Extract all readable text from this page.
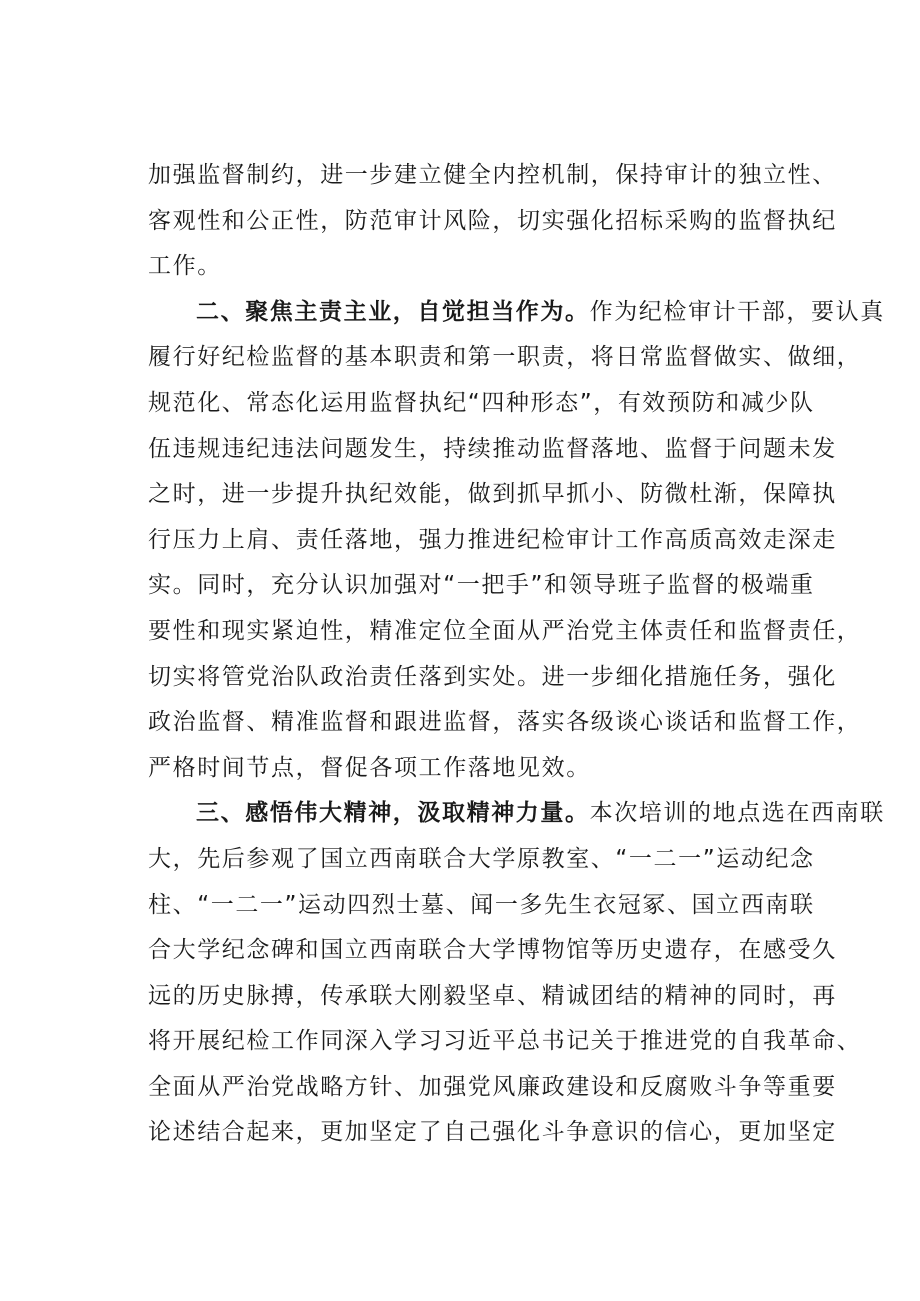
加强监督制约，进一步建立健全内控机制，保持审计的独立性、
客观性和公正性，防范审计风险，切实强化招标采购的监督执纪
工作。
二、聚焦主责主业，自觉担当作为。作为纪检审计干部，要认真
履行好纪检监督的基本职责和第一职责，将日常监督做实、做细，
规范化、常态化运用监督执纪“四种形态”，有效预防和减少队
伍违规违纪违法问题发生，持续推动监督落地、监督于问题未发
之时，进一步提升执纪效能，做到抓早抓小、防微杜渐，保障执
行压力上肩、责任落地，强力推进纪检审计工作高质高效走深走
实。同时，充分认识加强对“一把手”和领导班子监督的极端重
要性和现实紧迫性，精准定位全面从严治党主体责任和监督责任，
切实将管党治队政治责任落到实处。进一步细化措施任务，强化
政治监督、精准监督和跟进监督，落实各级谈心谈话和监督工作，
严格时间节点，督促各项工作落地见效。
三、感悟伟大精神，汲取精神力量。本次培训的地点选在西南联
大，先后参观了国立西南联合大学原教室、“一二一”运动纪念
柱、“一二一”运动四烈士墓、闻一多先生衣冠冢、国立西南联
合大学纪念碑和国立西南联合大学博物馆等历史遗存，在感受久
远的历史脉搏，传承联大刚毅坚卓、精诚团结的精神的同时，再
将开展纪检工作同深入学习习近平总书记关于推进党的自我革命、
全面从严治党战略方针、加强党风廉政建设和反腐败斗争等重要
论述结合起来，更加坚定了自己强化斗争意识的信心，更加坚定
